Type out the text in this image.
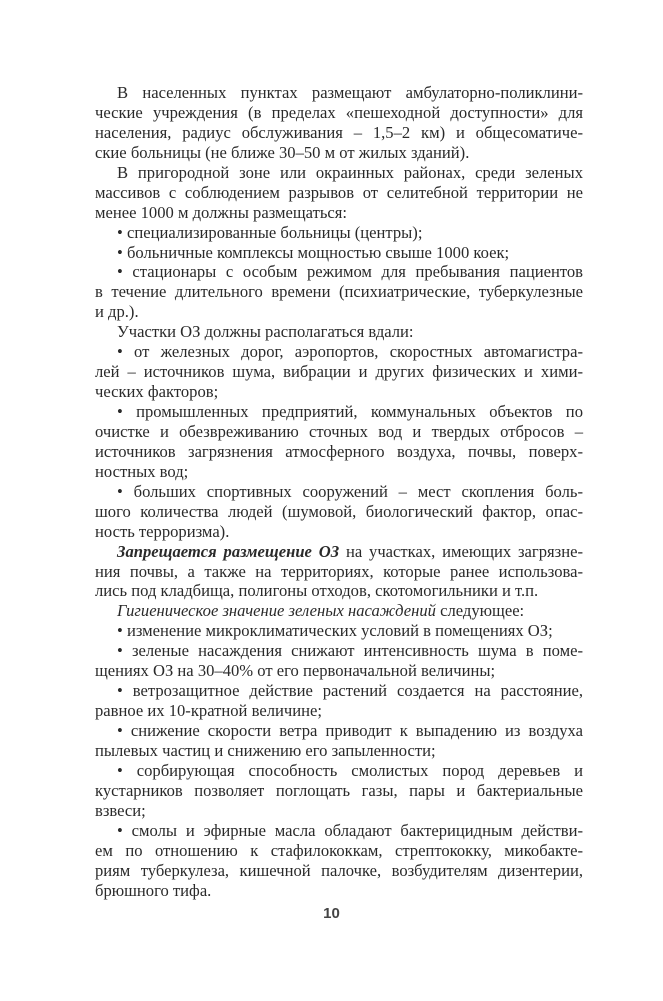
В населенных пунктах размещают амбулаторно-поликлини-
ческие учреждения (в пределах «пешеходной доступности» для
населения, радиус обслуживания – 1,5–2 км) и общесоматиче-
ские больницы (не ближе 30–50 м от жилых зданий).
В пригородной зоне или окраинных районах, среди зеленых
массивов с соблюдением разрывов от селитебной территории не
менее 1000 м должны размещаться:
• специализированные больницы (центры);
• больничные комплексы мощностью свыше 1000 коек;
• стационары с особым режимом для пребывания пациентов
в течение длительного времени (психиатрические, туберкулезные
и др.).
Участки ОЗ должны располагаться вдали:
• от железных дорог, аэропортов, скоростных автомагистра-
лей – источников шума, вибрации и других физических и хими-
ческих факторов;
• промышленных предприятий, коммунальных объектов по
очистке и обезвреживанию сточных вод и твердых отбросов –
источников загрязнения атмосферного воздуха, почвы, поверх-
ностных вод;
• больших спортивных сооружений – мест скопления боль-
шого количества людей (шумовой, биологический фактор, опас-
ность терроризма).
Запрещается размещение ОЗ на участках, имеющих загрязне-
ния почвы, а также на территориях, которые ранее использова-
лись под кладбища, полигоны отходов, скотомогильники и т.п.
Гигиеническое значение зеленых насаждений следующее:
• изменение микроклиматических условий в помещениях ОЗ;
• зеленые насаждения снижают интенсивность шума в поме-
щениях ОЗ на 30–40% от его первоначальной величины;
• ветрозащитное действие растений создается на расстояние,
равное их 10-кратной величине;
• снижение скорости ветра приводит к выпадению из воздуха
пылевых частиц и снижению его запыленности;
• сорбирующая способность смолистых пород деревьев и
кустарников позволяет поглощать газы, пары и бактериальные
взвеси;
• смолы и эфирные масла обладают бактерицидным действи-
ем по отношению к стафилококкам, стрептококку, микобакте-
риям туберкулеза, кишечной палочке, возбудителям дизентерии,
брюшного тифа.
10
